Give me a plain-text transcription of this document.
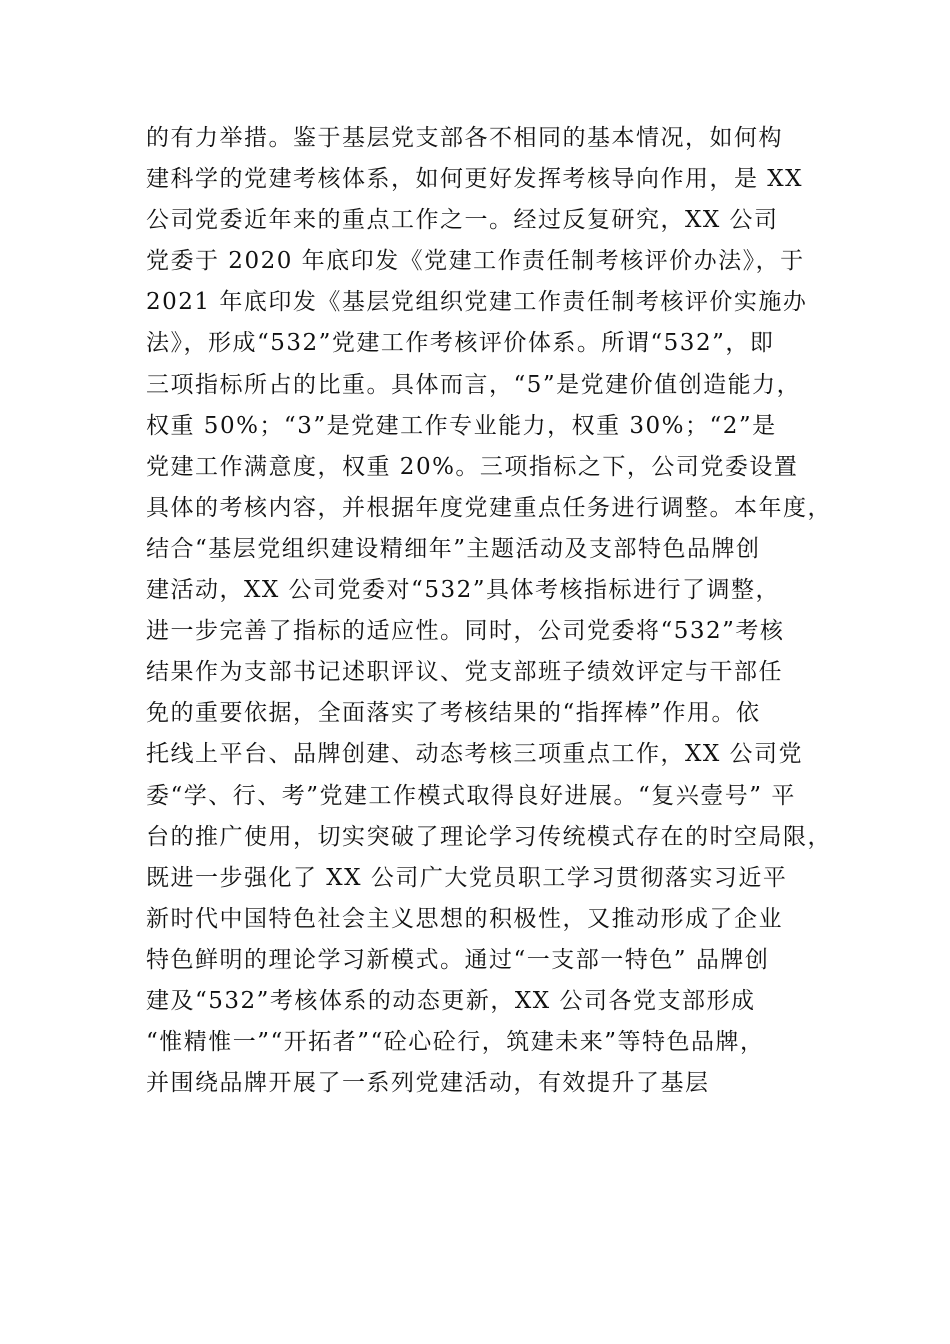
的有力举措。鉴于基层党支部各不相同的基本情况，如何构
建科学的党建考核体系，如何更好发挥考核导向作用，是 XX
公司党委近年来的重点工作之一。经过反复研究，XX 公司
党委于 2020 年底印发《党建工作责任制考核评价办法》，于
2021 年底印发《基层党组织党建工作责任制考核评价实施办
法》，形成“532”党建工作考核评价体系。所谓“532”，即
三项指标所占的比重。具体而言，“5”是党建价值创造能力，
权重 50%；“3”是党建工作专业能力，权重 30%；“2”是
党建工作满意度，权重 20%。三项指标之下，公司党委设置
具体的考核内容，并根据年度党建重点任务进行调整。本年度，
结合“基层党组织建设精细年”主题活动及支部特色品牌创
建活动，XX 公司党委对“532”具体考核指标进行了调整，
进一步完善了指标的适应性。同时，公司党委将“532”考核
结果作为支部书记述职评议、党支部班子绩效评定与干部任
免的重要依据，全面落实了考核结果的“指挥棒”作用。依
托线上平台、品牌创建、动态考核三项重点工作，XX 公司党
委“学、行、考”党建工作模式取得良好进展。“复兴壹号” 平
台的推广使用，切实突破了理论学习传统模式存在的时空局限，
既进一步强化了 XX 公司广大党员职工学习贯彻落实习近平
新时代中国特色社会主义思想的积极性，又推动形成了企业
特色鲜明的理论学习新模式。通过“一支部一特色” 品牌创
建及“532”考核体系的动态更新，XX 公司各党支部形成
“惟精惟一”“开拓者”“砼心砼行，筑建未来”等特色品牌，
并围绕品牌开展了一系列党建活动，有效提升了基层
